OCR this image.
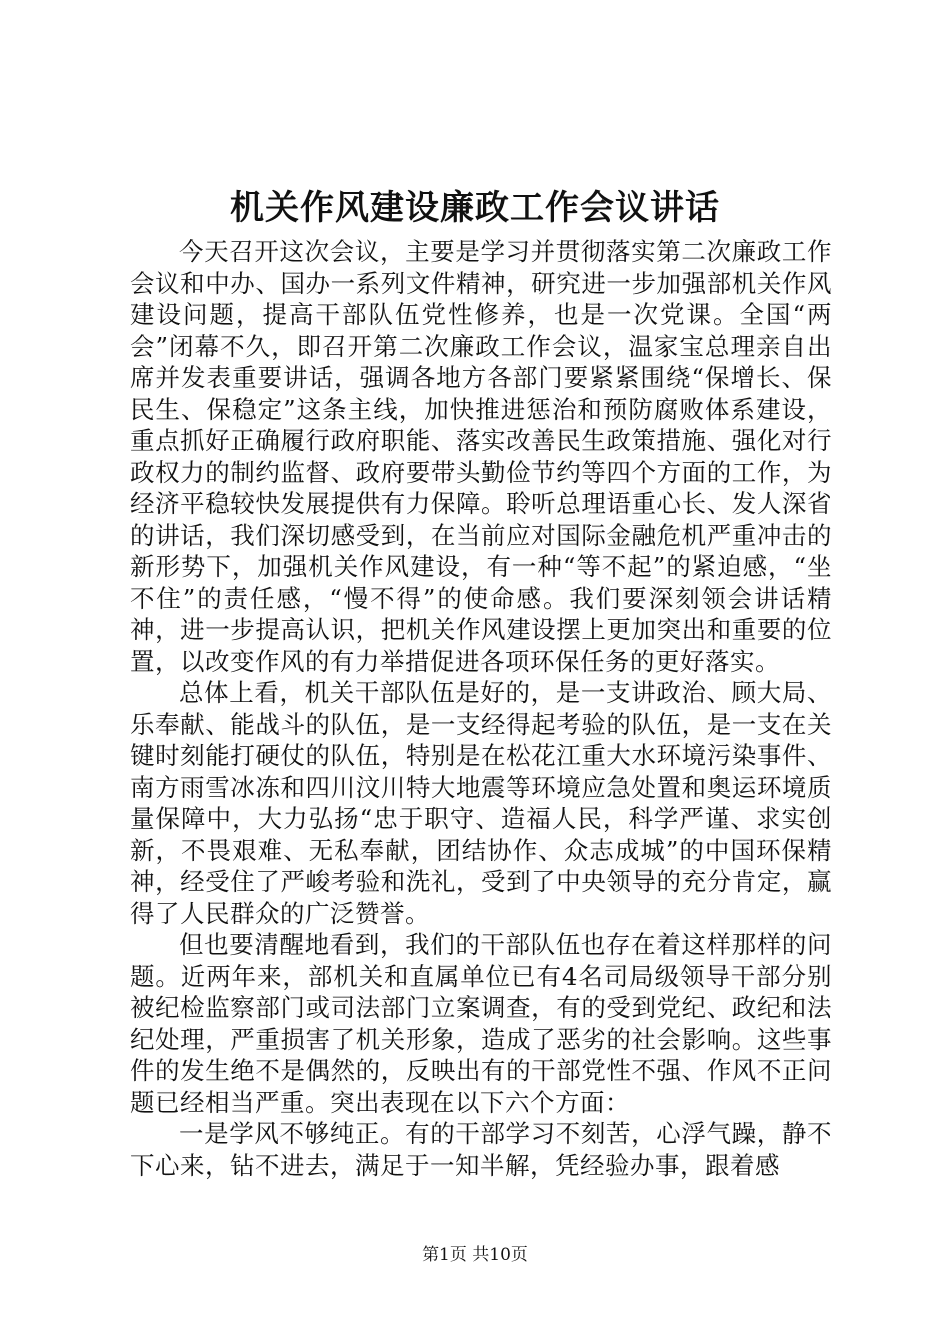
机关作风建设廉政工作会议讲话

今天召开这次会议，主要是学习并贯彻落实第二次廉政工作会议和中办、国办一系列文件精神，研究进一步加强部机关作风建设问题，提高干部队伍党性修养，也是一次党课。全国“两会”闭幕不久，即召开第二次廉政工作会议，温家宝总理亲自出席并发表重要讲话，强调各地方各部门要紧紧围绕“保增长、保民生、保稳定”这条主线，加快推进惩治和预防腐败体系建设，重点抓好正确履行政府职能、落实改善民生政策措施、强化对行政权力的制约监督、政府要带头勤俭节约等四个方面的工作，为经济平稳较快发展提供有力保障。聆听总理语重心长、发人深省的讲话，我们深切感受到，在当前应对国际金融危机严重冲击的新形势下，加强机关作风建设，有一种“等不起”的紧迫感，“坐不住”的责任感，“慢不得”的使命感。我们要深刻领会讲话精神，进一步提高认识，把机关作风建设摆上更加突出和重要的位置，以改变作风的有力举措促进各项环保任务的更好落实。

总体上看，机关干部队伍是好的，是一支讲政治、顾大局、乐奉献、能战斗的队伍，是一支经得起考验的队伍，是一支在关键时刻能打硬仗的队伍，特别是在松花江重大水环境污染事件、南方雨雪冰冻和四川汶川特大地震等环境应急处置和奥运环境质量保障中，大力弘扬“忠于职守、造福人民，科学严谨、求实创新，不畏艰难、无私奉献，团结协作、众志成城”的中国环保精神，经受住了严峻考验和洗礼，受到了中央领导的充分肯定，赢得了人民群众的广泛赞誉。

但也要清醒地看到，我们的干部队伍也存在着这样那样的问题。近两年来，部机关和直属单位已有4名司局级领导干部分别被纪检监察部门或司法部门立案调查，有的受到党纪、政纪和法纪处理，严重损害了机关形象，造成了恶劣的社会影响。这些事件的发生绝不是偶然的，反映出有的干部党性不强、作风不正问题已经相当严重。突出表现在以下六个方面：

一是学风不够纯正。有的干部学习不刻苦，心浮气躁，静不下心来，钻不进去，满足于一知半解，凭经验办事，跟着感

第1页 共10页
